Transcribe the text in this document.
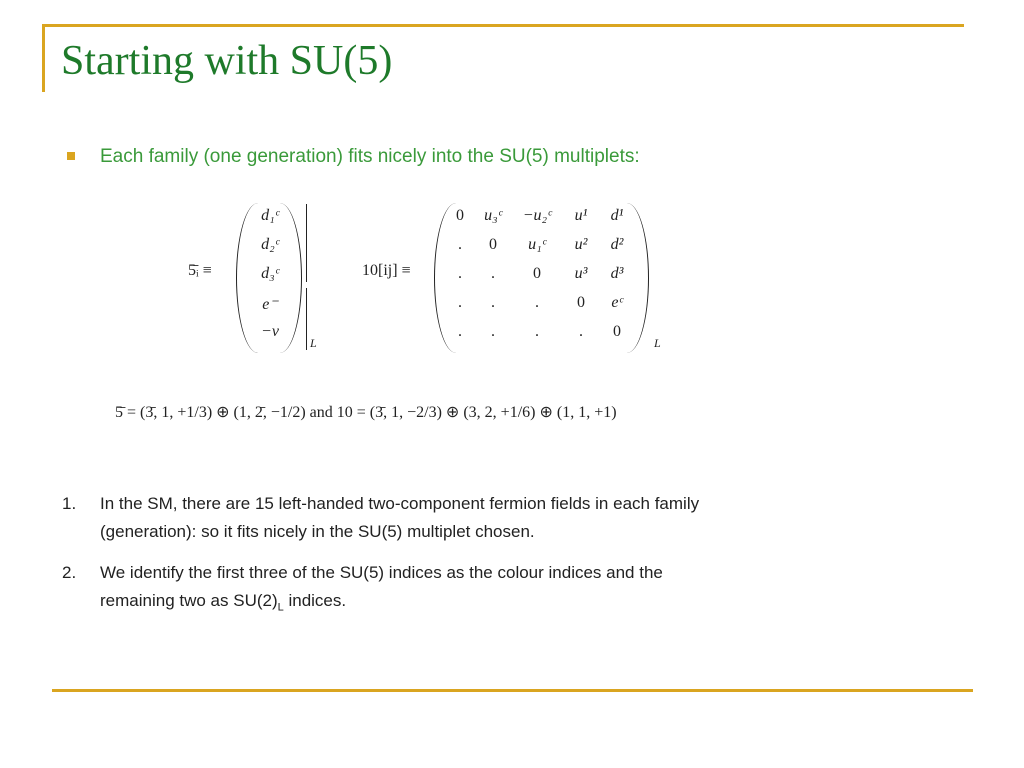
Starting with SU(5)
Each family (one generation) fits nicely into the SU(5) multiplets:
5̄ᵢ ≡
d₁ᶜ
d₂ᶜ
d₃ᶜ
e⁻
−ν
L
10[ij] ≡
0	u₃ᶜ	−u₂ᶜ	u¹	d¹
.	0	u₁ᶜ	u²	d²
.	.	0	u³	d³
.	.	.	0	eᶜ
.	.	.	.	0
L
5̄ = (3̄, 1, +1/3) ⊕ (1, 2̄, −1/2) and 10 = (3̄, 1, −2/3) ⊕ (3, 2, +1/6) ⊕ (1, 1, +1)
1. In the SM, there are 15 left-handed two-component fermion fields in each family
(generation): so it fits nicely in the SU(5) multiplet chosen.
2. We identify the first three of the SU(5) indices as the colour indices and the
remaining two as $SU(2)_L$ indices.
